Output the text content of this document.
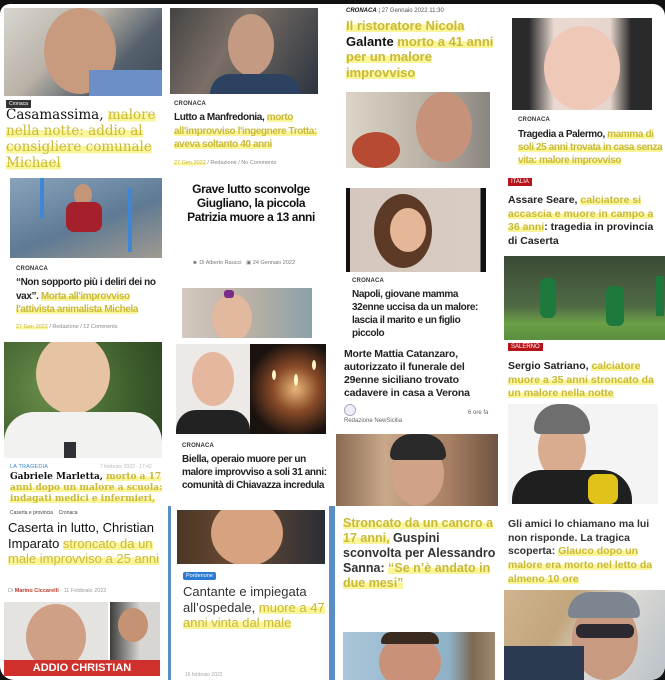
Cronaca
Casamassima, malore nella notte: addio al consigliere comunale Michael
CRONACA
Lutto a Manfredonia, morto all'improvviso l'ingegnere Trotta: aveva soltanto 40 anni
27 Gen 2022 / Redazione / No Comments
CRONACA | 27 Gennaio 2022 11:30
Il ristoratore Nicola Galante morto a 41 anni per un malore improvviso
CRONACA
Tragedia a Palermo, mamma di soli 25 anni trovata in casa senza vita: malore improvviso
CRONACA
“Non sopporto più i deliri dei no vax”. Morta all'improvviso l'attivista animalista Michela
27 Gen 2022 / Redazione / 12 Comments
Grave lutto sconvolge Giugliano, la piccola Patrizia muore a 13 anni
☻ Di Alberto Raucci ▣ 24 Gennaio 2022
CRONACA
Napoli, giovane mamma 32enne uccisa da un malore: lascia il marito e un figlio piccolo
ITALIA
Assare Seare, calciatore si accascia e muore in campo a 36 anni: tragedia in provincia di Caserta
LA TRAGEDIA	7 febbraio 2022 - 17:42
Gabriele Marletta, morto a 17 anni dopo un malore a scuola: indagati medici e infermieri,
CRONACA
Biella, operaio muore per un malore improvviso a soli 31 anni: comunità di Chiavazza incredula
Morte Mattia Catanzaro, autorizzato il funerale del 29enne siciliano trovato cadavere in casa a Verona
Redazione NewSicilia
6 ore fa
SALERNO
Sergio Satriano, calciatore muore a 35 anni stroncato da un malore nella notte
Caserta e provincia Cronaca
Caserta in lutto, Christian Imparato stroncato da un male improvviso a 25 anni
Di Marino Ciccarelli - 11 Febbraio 2022
ADDIO CHRISTIAN
Pordenone
Cantante e impiegata all’ospedale, muore a 47 anni vinta dal male
16 febbraio 2022
Stroncato da un cancro a 17 anni, Guspini sconvolta per Alessandro Sanna: “Se n’è andato in due mesi”
Gli amici lo chiamano ma lui non risponde. La tragica scoperta: Glauco dopo un malore era morto nel letto da almeno 10 ore
